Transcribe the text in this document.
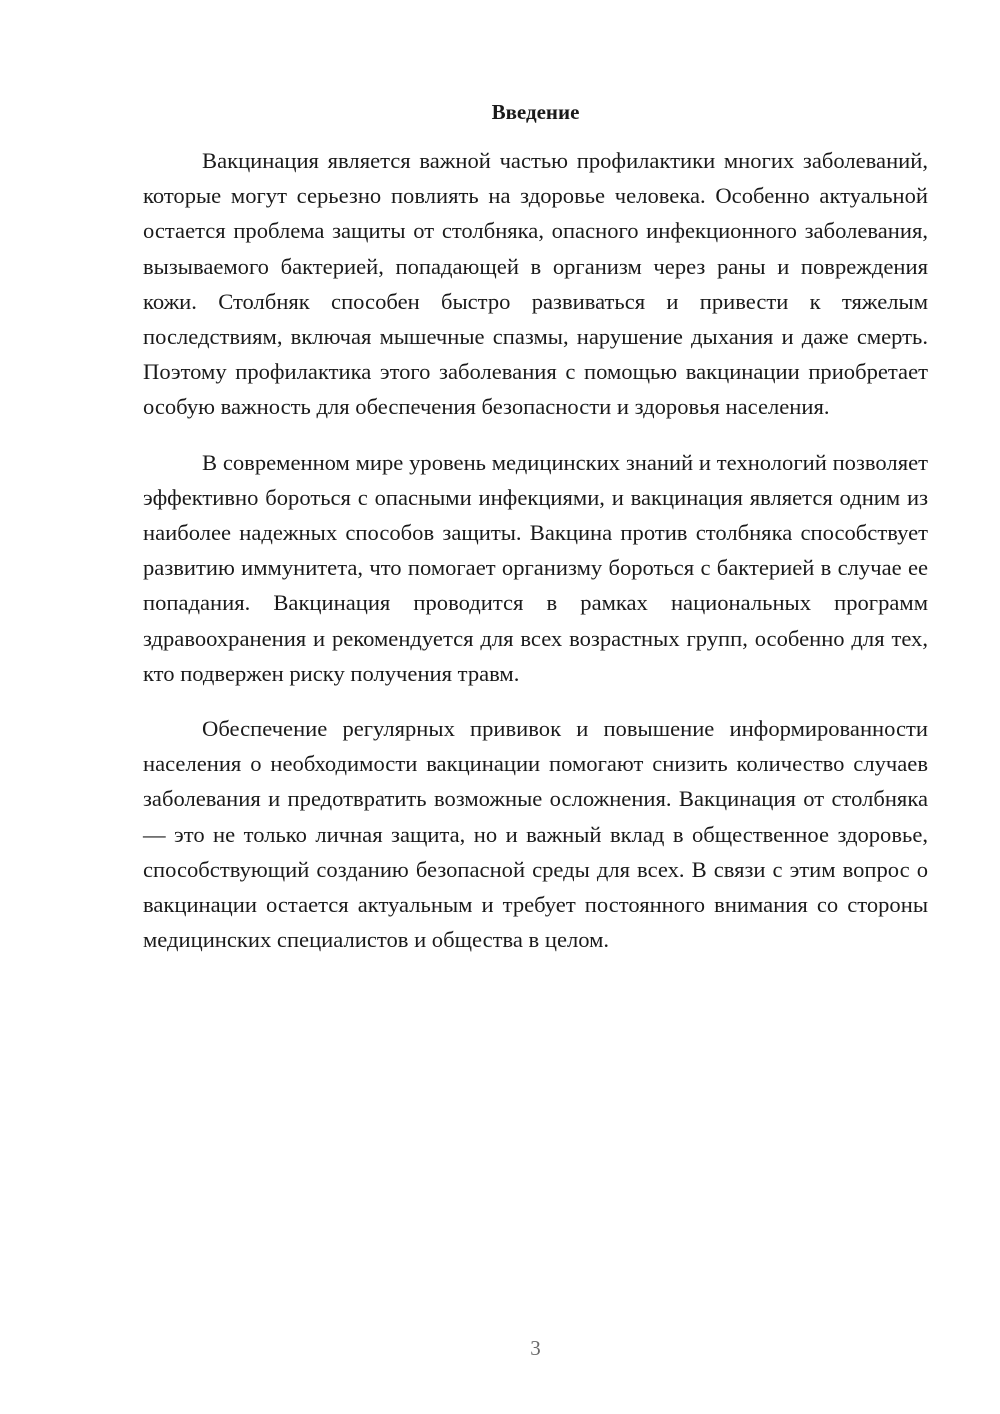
Введение

Вакцинация является важной частью профилактики многих заболеваний, которые могут серьезно повлиять на здоровье человека. Особенно актуальной остается проблема защиты от столбняка, опасного инфекционного заболевания, вызываемого бактерией, попадающей в организм через раны и повреждения кожи. Столбняк способен быстро развиваться и привести к тяжелым последствиям, включая мышечные спазмы, нарушение дыхания и даже смерть. Поэтому профилактика этого заболевания с помощью вакцинации приобретает особую важность для обеспечения безопасности и здоровья населения.

В современном мире уровень медицинских знаний и технологий позволяет эффективно бороться с опасными инфекциями, и вакцинация является одним из наиболее надежных способов защиты. Вакцина против столбняка способствует развитию иммунитета, что помогает организму бороться с бактерией в случае ее попадания. Вакцинация проводится в рамках национальных программ здравоохранения и рекомендуется для всех возрастных групп, особенно для тех, кто подвержен риску получения травм.

Обеспечение регулярных прививок и повышение информированности населения о необходимости вакцинации помогают снизить количество случаев заболевания и предотвратить возможные осложнения. Вакцинация от столбняка — это не только личная защита, но и важный вклад в общественное здоровье, способствующий созданию безопасной среды для всех. В связи с этим вопрос о вакцинации остается актуальным и требует постоянного внимания со стороны медицинских специалистов и общества в целом.

3
